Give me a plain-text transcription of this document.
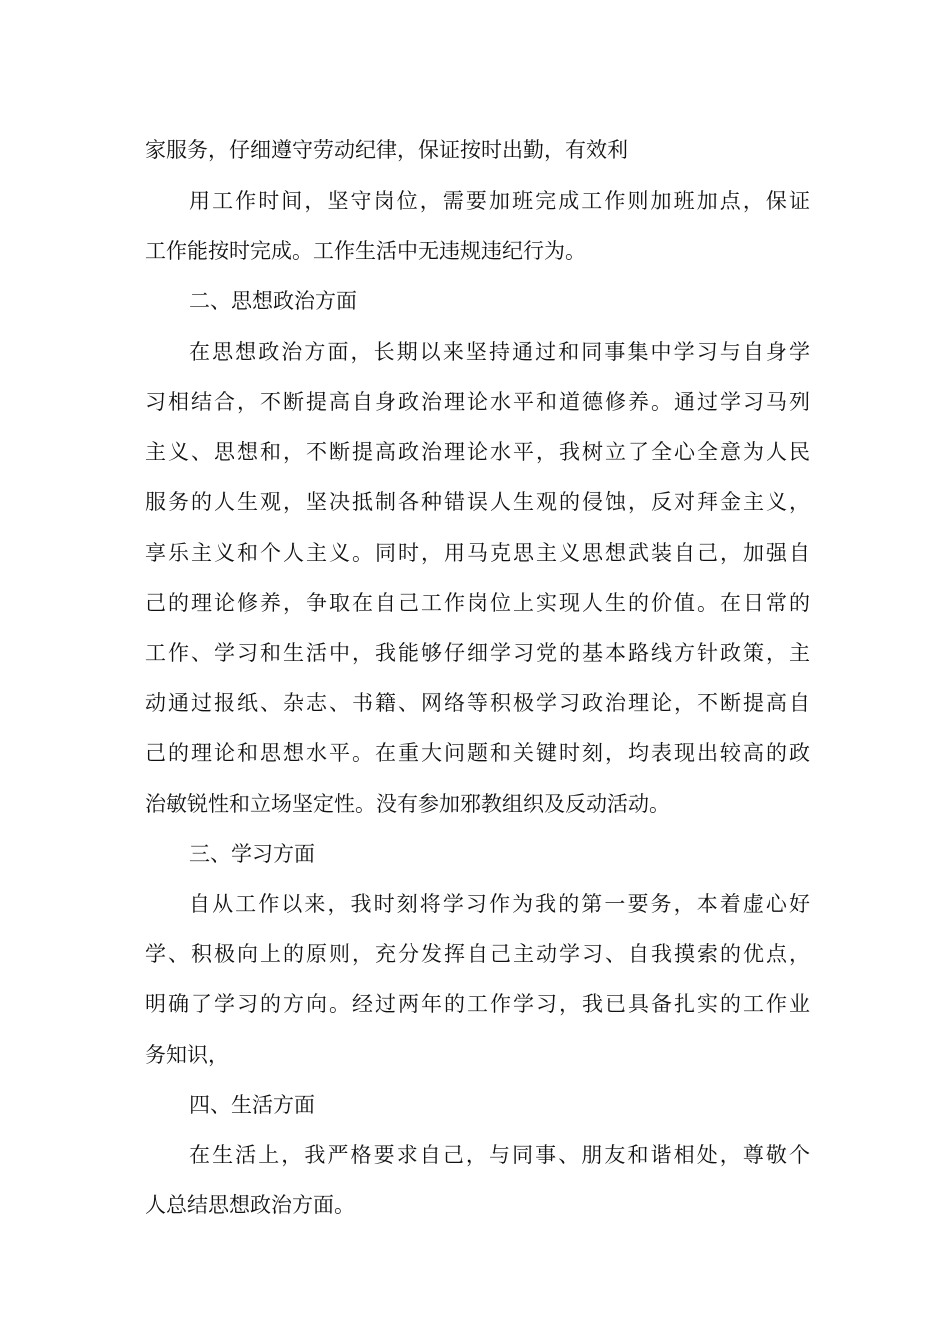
家服务，仔细遵守劳动纪律，保证按时出勤，有效利
用工作时间，坚守岗位，需要加班完成工作则加班加点，保证
工作能按时完成。工作生活中无违规违纪行为。
二、思想政治方面
在思想政治方面，长期以来坚持通过和同事集中学习与自身学
习相结合，不断提高自身政治理论水平和道德修养。通过学习马列
主义、思想和，不断提高政治理论水平，我树立了全心全意为人民
服务的人生观，坚决抵制各种错误人生观的侵蚀，反对拜金主义，
享乐主义和个人主义。同时，用马克思主义思想武装自己，加强自
己的理论修养，争取在自己工作岗位上实现人生的价值。在日常的
工作、学习和生活中，我能够仔细学习党的基本路线方针政策，主
动通过报纸、杂志、书籍、网络等积极学习政治理论，不断提高自
己的理论和思想水平。在重大问题和关键时刻，均表现出较高的政
治敏锐性和立场坚定性。没有参加邪教组织及反动活动。
三、学习方面
自从工作以来，我时刻将学习作为我的第一要务，本着虚心好
学、积极向上的原则，充分发挥自己主动学习、自我摸索的优点，
明确了学习的方向。经过两年的工作学习，我已具备扎实的工作业
务知识，
四、生活方面
在生活上，我严格要求自己，与同事、朋友和谐相处，尊敬个
人总结思想政治方面。
